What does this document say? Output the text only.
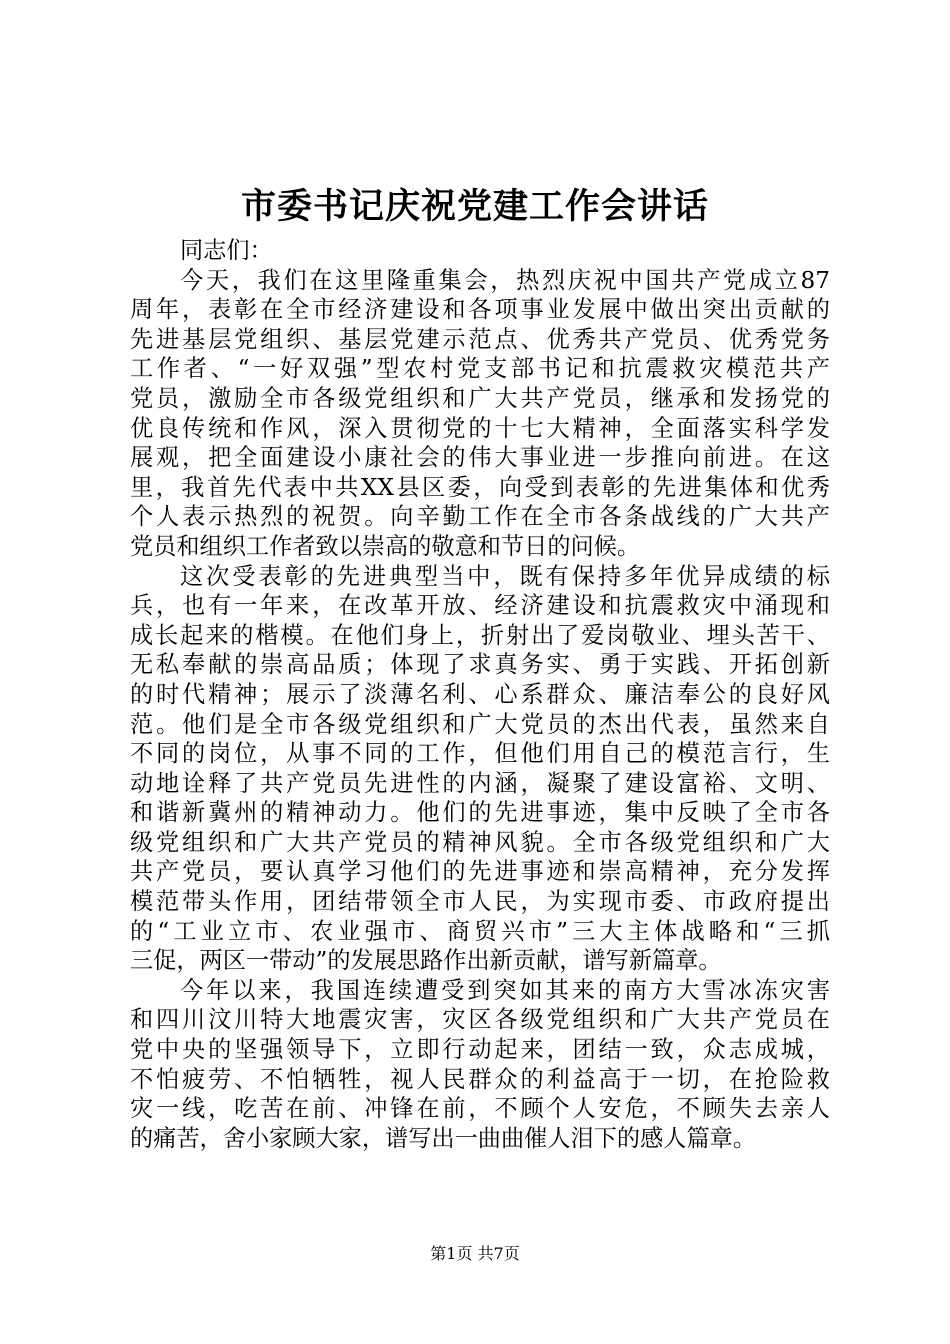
市委书记庆祝党建工作会讲话
同志们：
今天，我们在这里隆重集会，热烈庆祝中国共产党成立87
周年，表彰在全市经济建设和各项事业发展中做出突出贡献的
先进基层党组织、基层党建示范点、优秀共产党员、优秀党务
工作者、“一好双强”型农村党支部书记和抗震救灾模范共产
党员，激励全市各级党组织和广大共产党员，继承和发扬党的
优良传统和作风，深入贯彻党的十七大精神，全面落实科学发
展观，把全面建设小康社会的伟大事业进一步推向前进。在这
里，我首先代表中共XX县区委，向受到表彰的先进集体和优秀
个人表示热烈的祝贺。向辛勤工作在全市各条战线的广大共产
党员和组织工作者致以崇高的敬意和节日的问候。
这次受表彰的先进典型当中，既有保持多年优异成绩的标
兵，也有一年来，在改革开放、经济建设和抗震救灾中涌现和
成长起来的楷模。在他们身上，折射出了爱岗敬业、埋头苦干、
无私奉献的崇高品质；体现了求真务实、勇于实践、开拓创新
的时代精神；展示了淡薄名利、心系群众、廉洁奉公的良好风
范。他们是全市各级党组织和广大党员的杰出代表，虽然来自
不同的岗位，从事不同的工作，但他们用自己的模范言行，生
动地诠释了共产党员先进性的内涵，凝聚了建设富裕、文明、
和谐新冀州的精神动力。他们的先进事迹，集中反映了全市各
级党组织和广大共产党员的精神风貌。全市各级党组织和广大
共产党员，要认真学习他们的先进事迹和崇高精神，充分发挥
模范带头作用，团结带领全市人民，为实现市委、市政府提出
的“工业立市、农业强市、商贸兴市”三大主体战略和“三抓
三促，两区一带动”的发展思路作出新贡献，谱写新篇章。
今年以来，我国连续遭受到突如其来的南方大雪冰冻灾害
和四川汶川特大地震灾害，灾区各级党组织和广大共产党员在
党中央的坚强领导下，立即行动起来，团结一致，众志成城，
不怕疲劳、不怕牺牲，视人民群众的利益高于一切，在抢险救
灾一线，吃苦在前、冲锋在前，不顾个人安危，不顾失去亲人
的痛苦，舍小家顾大家，谱写出一曲曲催人泪下的感人篇章。
第1页 共7页
